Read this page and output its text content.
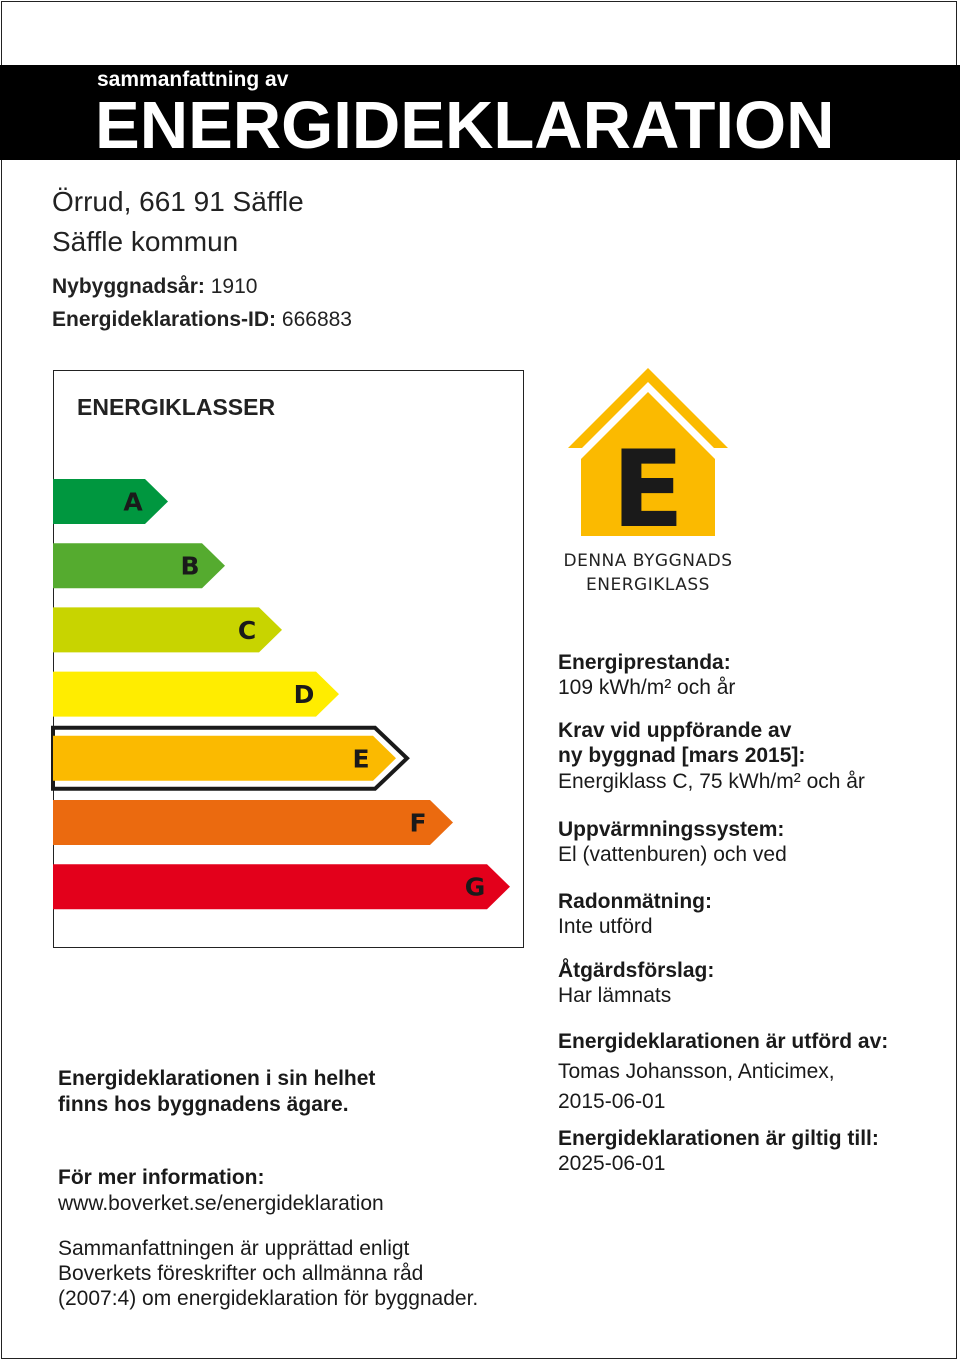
sammanfattning av
ENERGIDEKLARATION
Örrud, 661 91 Säffle
Säffle kommun
Nybyggnadsår: 1910
Energideklarations-ID: 666883
ENERGIKLASSER
A
B
C
D
E
F
G
E
DENNA BYGGNADS
ENERGIKLASS
Energiprestanda:
109 kWh/m² och år
Krav vid uppförande av
ny byggnad [mars 2015]:
Energiklass C, 75 kWh/m² och år
Uppvärmningssystem:
El (vattenburen) och ved
Radonmätning:
Inte utförd
Åtgärdsförslag:
Har lämnats
Energideklarationen är utförd av:
Tomas Johansson, Anticimex,
2015-06-01
Energideklarationen är giltig till:
2025-06-01
Energideklarationen i sin helhet
finns hos byggnadens ägare.
För mer information:
www.boverket.se/energideklaration
Sammanfattningen är upprättad enligt
Boverkets föreskrifter och allmänna råd
(2007:4) om energideklaration för byggnader.
